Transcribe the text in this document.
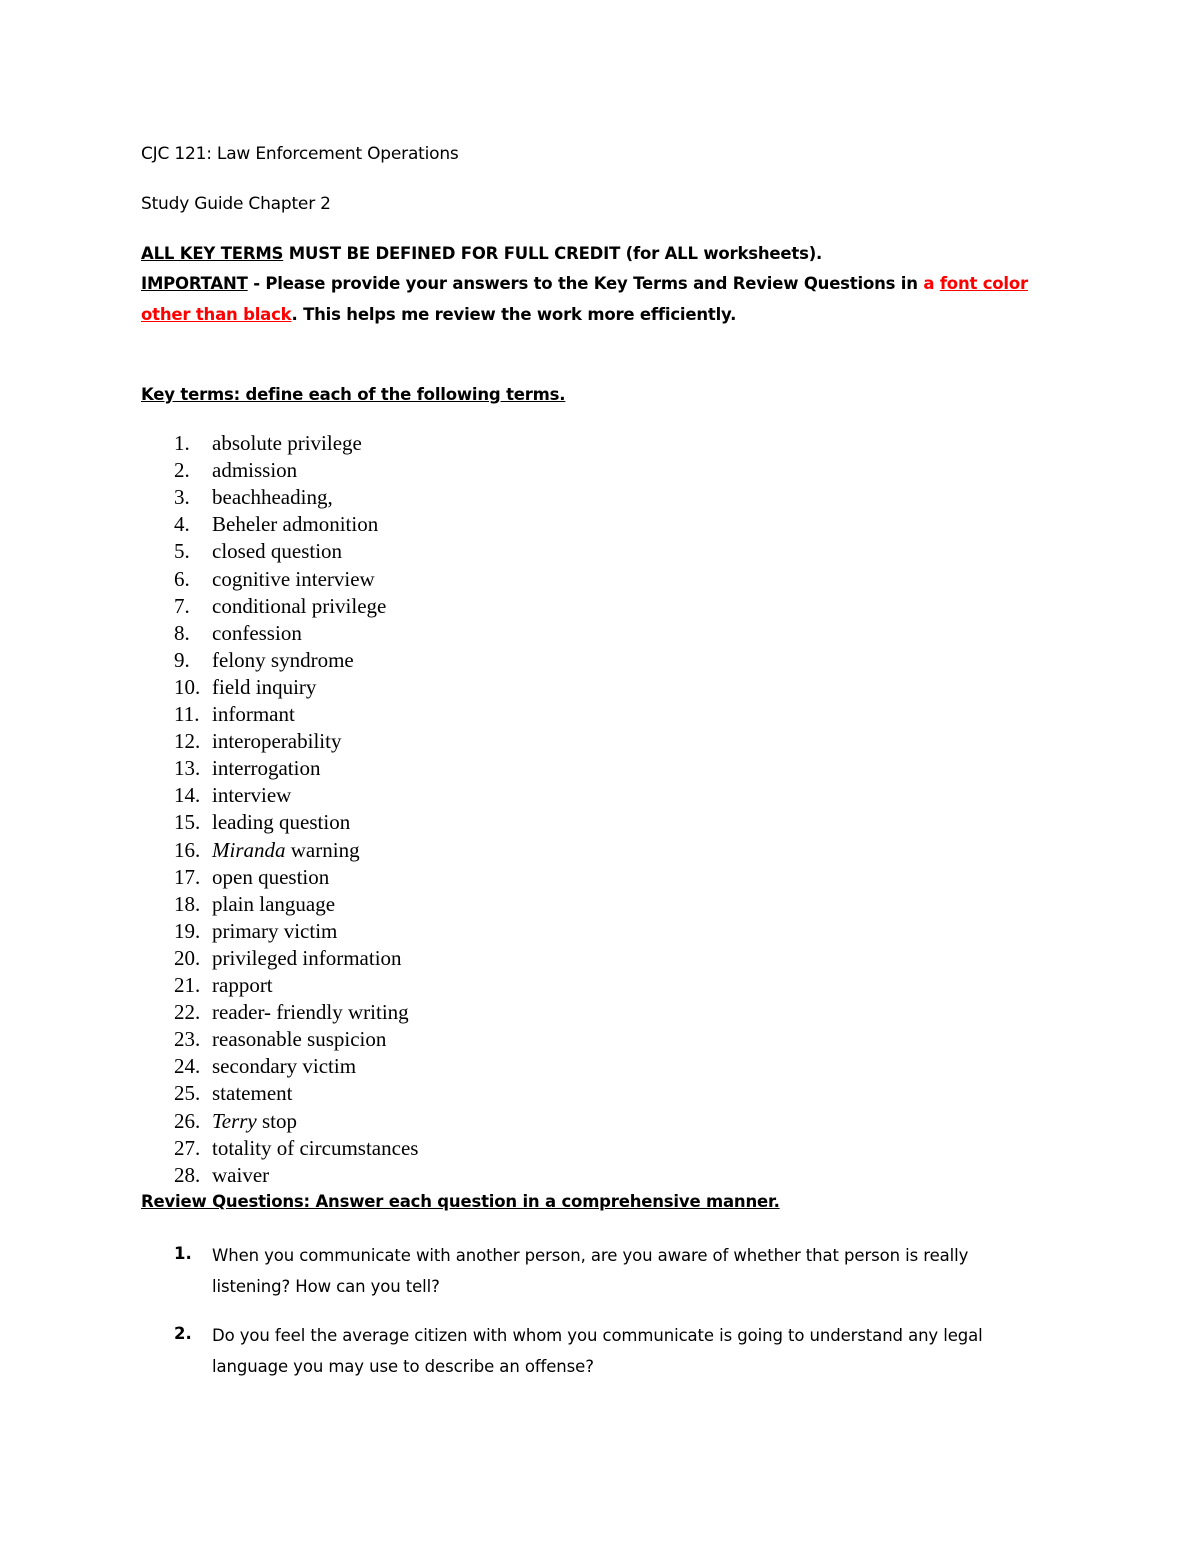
CJC 121: Law Enforcement Operations
Study Guide Chapter 2
ALL KEY TERMS MUST BE DEFINED FOR FULL CREDIT (for ALL worksheets).
IMPORTANT - Please provide your answers to the Key Terms and Review Questions in a font color
other than black. This helps me review the work more efficiently.
Key terms: define each of the following terms.
1. absolute privilege
2. admission
3. beachheading,
4. Beheler admonition
5. closed question
6. cognitive interview
7. conditional privilege
8. confession
9. felony syndrome
10. field inquiry
11. informant
12. interoperability
13. interrogation
14. interview
15. leading question
16. Miranda warning
17. open question
18. plain language
19. primary victim
20. privileged information
21. rapport
22. reader- friendly writing
23. reasonable suspicion
24. secondary victim
25. statement
26. Terry stop
27. totality of circumstances
28. waiver
Review Questions: Answer each question in a comprehensive manner.
1. When you communicate with another person, are you aware of whether that person is really listening? How can you tell?
2. Do you feel the average citizen with whom you communicate is going to understand any legal language you may use to describe an offense?
